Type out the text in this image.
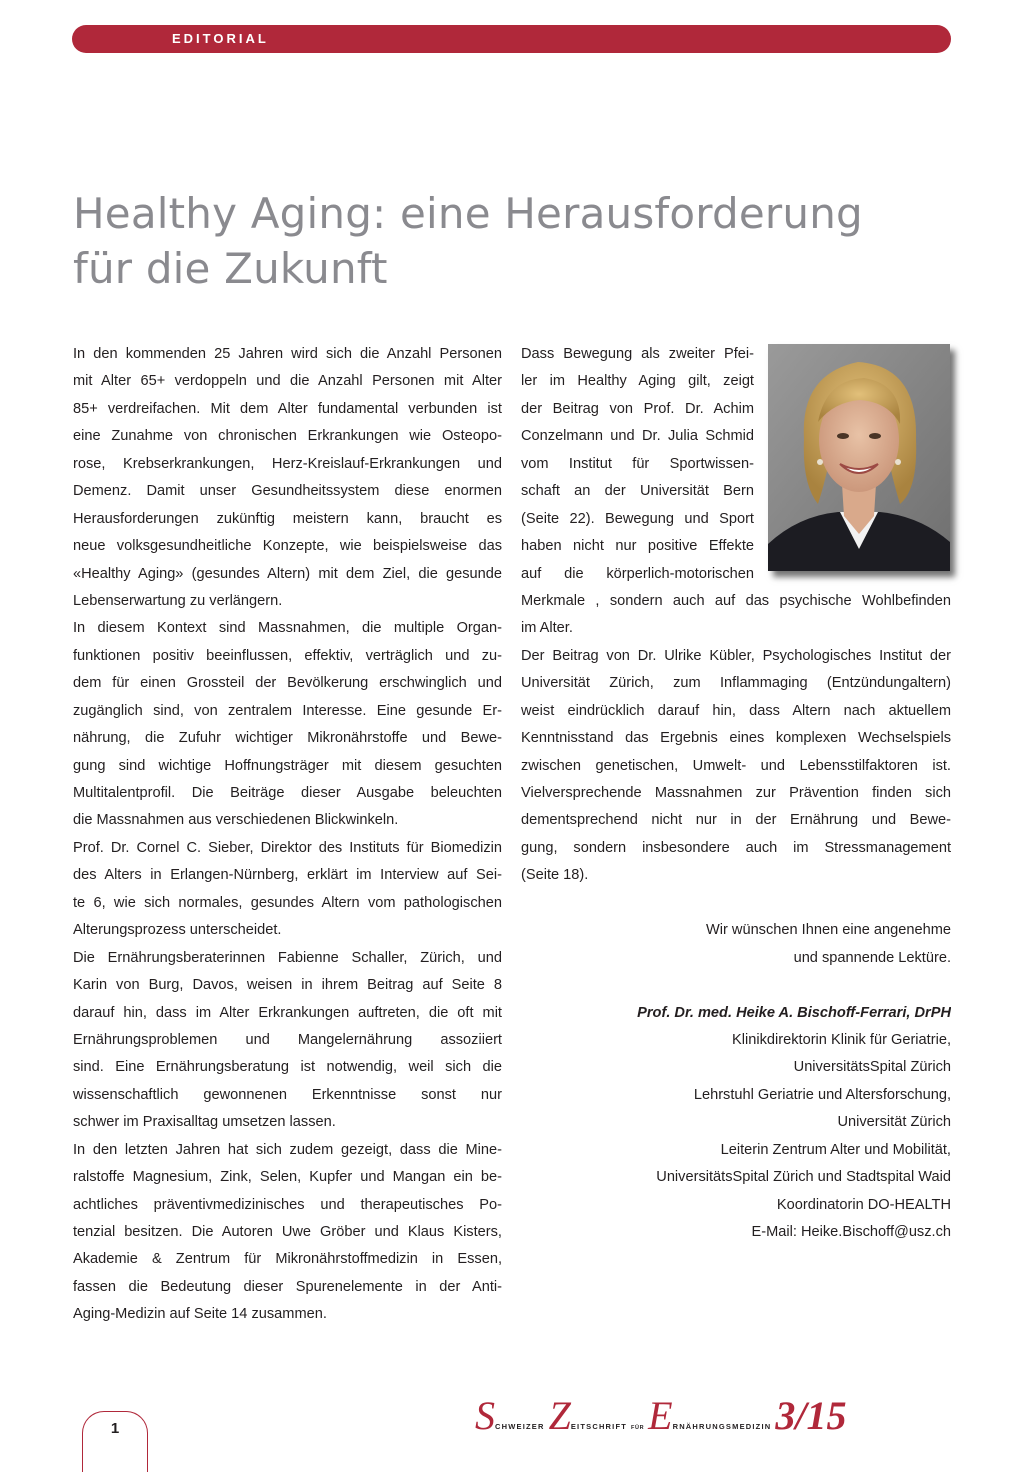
EDITORIAL
Healthy Aging: eine Herausforderung
für die Zukunft
In den kommenden 25 Jahren wird sich die Anzahl Personen
mit Alter 65+ verdoppeln und die Anzahl Personen mit Alter
85+ verdreifachen. Mit dem Alter fundamental verbunden ist
eine Zunahme von chronischen Erkrankungen wie Osteopo-
rose, Krebserkrankungen, Herz-Kreislauf-Erkrankungen und
Demenz. Damit unser Gesundheitssystem diese enormen
Herausforderungen zukünftig meistern kann, braucht es
neue volksgesundheitliche Konzepte, wie beispielsweise das
«Healthy Aging» (gesundes Altern) mit dem Ziel, die gesunde
Lebenserwartung zu verlängern.
In diesem Kontext sind Massnahmen, die multiple Organ-
funktionen positiv beeinflussen, effektiv, verträglich und zu-
dem für einen Grossteil der Bevölkerung erschwinglich und
zugänglich sind, von zentralem Interesse. Eine gesunde Er-
nährung, die Zufuhr wichtiger Mikronährstoffe und Bewe-
gung sind wichtige Hoffnungsträger mit diesem gesuchten
Multitalentprofil. Die Beiträge dieser Ausgabe beleuchten
die Massnahmen aus verschiedenen Blickwinkeln.
Prof. Dr. Cornel C. Sieber, Direktor des Instituts für Biomedizin
des Alters in Erlangen-Nürnberg, erklärt im Interview auf Sei-
te 6, wie sich normales, gesundes Altern vom pathologischen
Alterungsprozess unterscheidet.
Die Ernährungsberaterinnen Fabienne Schaller, Zürich, und
Karin von Burg, Davos, weisen in ihrem Beitrag auf Seite 8
darauf hin, dass im Alter Erkrankungen auftreten, die oft mit
Ernährungsproblemen und Mangelernährung assoziiert
sind. Eine Ernährungsberatung ist notwendig, weil sich die
wissenschaftlich gewonnenen Erkenntnisse sonst nur
schwer im Praxisalltag umsetzen lassen.
In den letzten Jahren hat sich zudem gezeigt, dass die Mine-
ralstoffe Magnesium, Zink, Selen, Kupfer und Mangan ein be-
achtliches präventivmedizinisches und therapeutisches Po-
tenzial besitzen. Die Autoren Uwe Gröber und Klaus Kisters,
Akademie & Zentrum für Mikronährstoffmedizin in Essen,
fassen die Bedeutung dieser Spurenelemente in der Anti-
Aging-Medizin auf Seite 14 zusammen.
Dass Bewegung als zweiter Pfei-
ler im Healthy Aging gilt, zeigt
der Beitrag von Prof. Dr. Achim
Conzelmann und Dr. Julia Schmid
vom Institut für Sportwissen-
schaft an der Universität Bern
(Seite 22). Bewegung und Sport
haben nicht nur positive Effekte
auf die körperlich-motorischen
Merkmale , sondern auch auf das psychische Wohlbefinden
im Alter.
Der Beitrag von Dr. Ulrike Kübler, Psychologisches Institut der
Universität Zürich, zum Inflammaging (Entzündungaltern)
weist eindrücklich darauf hin, dass Altern nach aktuellem
Kenntnisstand das Ergebnis eines komplexen Wechselspiels
zwischen genetischen, Umwelt- und Lebensstilfaktoren ist.
Vielversprechende Massnahmen zur Prävention finden sich
dementsprechend nicht nur in der Ernährung und Bewe-
gung, sondern insbesondere auch im Stressmanagement
(Seite 18).
Wir wünschen Ihnen eine angenehme
und spannende Lektüre.
Prof. Dr. med. Heike A. Bischoff-Ferrari, DrPH
Klinikdirektorin Klinik für Geriatrie,
UniversitätsSpital Zürich
Lehrstuhl Geriatrie und Altersforschung,
Universität Zürich
Leiterin Zentrum Alter und Mobilität,
UniversitätsSpital Zürich und Stadtspital Waid
Koordinatorin DO-HEALTH
E-Mail: Heike.Bischoff@usz.ch
1	SCHWEIZER ZEITSCHRIFT FÜR ERNÄHRUNGSMEDIZIN 3/15
